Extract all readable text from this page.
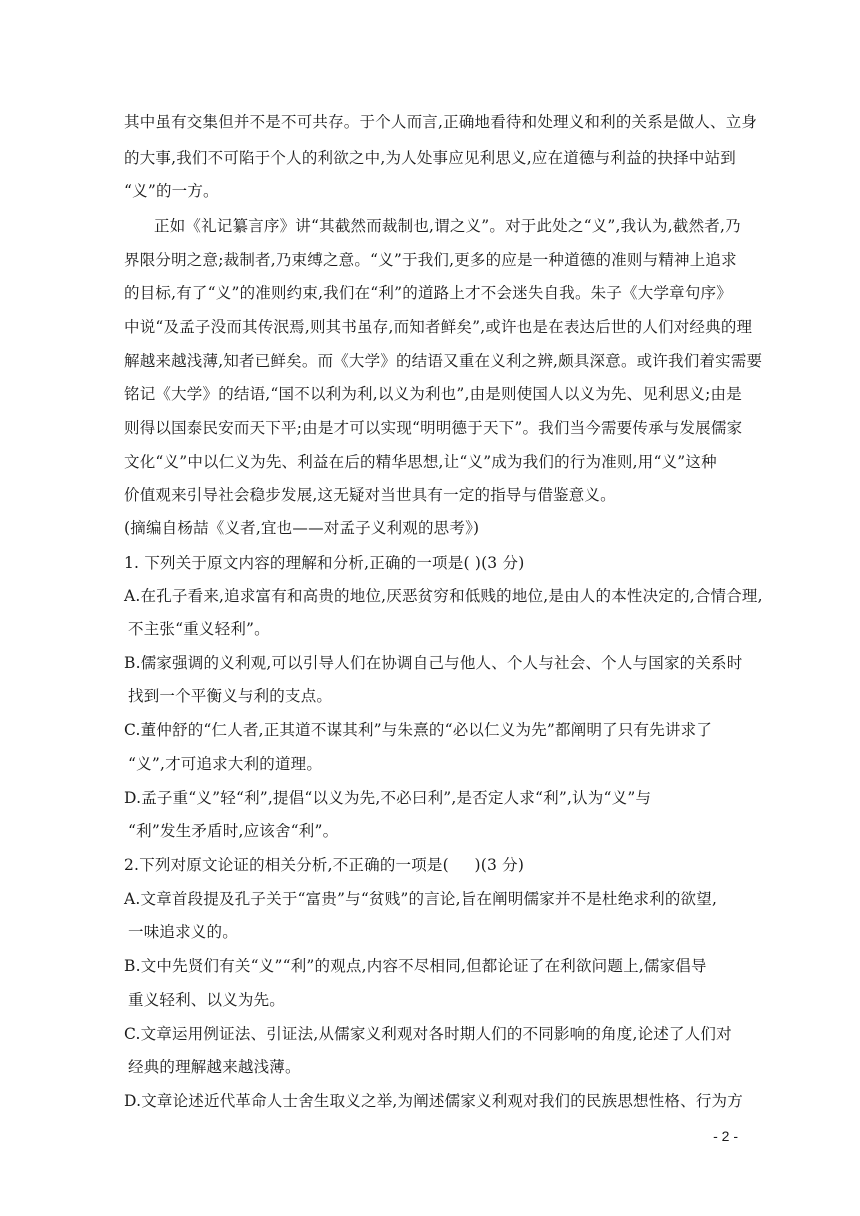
其中虽有交集但并不是不可共存。于个人而言,正确地看待和处理义和利的关系是做人、立身
的大事,我们不可陷于个人的利欲之中,为人处事应见利思义,应在道德与利益的抉择中站到
“义”的一方。
正如《礼记纂言序》讲“其截然而裁制也,谓之义”。对于此处之“义”,我认为,截然者,乃
界限分明之意;裁制者,乃束缚之意。“义”于我们,更多的应是一种道德的准则与精神上追求
的目标,有了“义”的准则约束,我们在“利”的道路上才不会迷失自我。朱子《大学章句序》
中说“及孟子没而其传泯焉,则其书虽存,而知者鲜矣”,或许也是在表达后世的人们对经典的理
解越来越浅薄,知者已鲜矣。而《大学》的结语又重在义利之辨,颇具深意。或许我们着实需要
铭记《大学》的结语,“国不以利为利,以义为利也”,由是则使国人以义为先、见利思义;由是
则得以国泰民安而天下平;由是才可以实现“明明德于天下”。我们当今需要传承与发展儒家
文化“义”中以仁义为先、利益在后的精华思想,让“义”成为我们的行为准则,用“义”这种
价值观来引导社会稳步发展,这无疑对当世具有一定的指导与借鉴意义。
(摘编自杨喆《义者,宜也——对孟子义利观的思考》)
1. 下列关于原文内容的理解和分析,正确的一项是( )(3 分)
A.在孔子看来,追求富有和高贵的地位,厌恶贫穷和低贱的地位,是由人的本性决定的,合情合理,
不主张“重义轻利”。
B.儒家强调的义利观,可以引导人们在协调自己与他人、个人与社会、个人与国家的关系时
找到一个平衡义与利的支点。
C.董仲舒的“仁人者,正其道不谋其利”与朱熹的“必以仁义为先”都阐明了只有先讲求了
“义”,才可追求大利的道理。
D.孟子重“义”轻“利”,提倡“以义为先,不必曰利”,是否定人求“利”,认为“义”与
“利”发生矛盾时,应该舍“利”。
2.下列对原文论证的相关分析,不正确的一项是(     )(3 分)
A.文章首段提及孔子关于“富贵”与“贫贱”的言论,旨在阐明儒家并不是杜绝求利的欲望,
一味追求义的。
B.文中先贤们有关“义”“利”的观点,内容不尽相同,但都论证了在利欲问题上,儒家倡导
重义轻利、以义为先。
C.文章运用例证法、引证法,从儒家义利观对各时期人们的不同影响的角度,论述了人们对
经典的理解越来越浅薄。
D.文章论述近代革命人士舍生取义之举,为阐述儒家义利观对我们的民族思想性格、行为方
- 2 -
